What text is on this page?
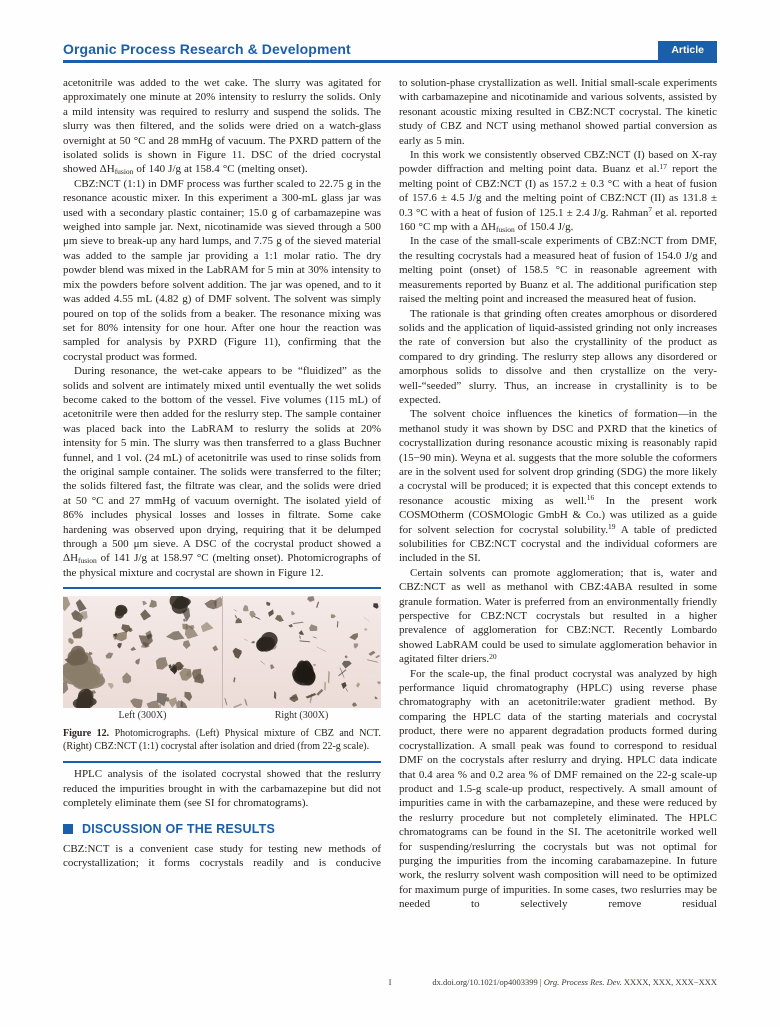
Organic Process Research & Development	Article

acetonitrile was added to the wet cake. The slurry was agitated for approximately one minute at 20% intensity to reslurry the solids. Only a mild intensity was required to reslurry and suspend the solids. The slurry was then filtered, and the solids were dried on a watch-glass overnight at 50 °C and 28 mmHg of vacuum. The PXRD pattern of the isolated solids is shown in Figure 11. DSC of the dried cocrystal showed $\Delta H_{fusion}$ of 140 J/g at 158.4 °C (melting onset).

CBZ:NCT (1:1) in DMF process was further scaled to 22.75 g in the resonance acoustic mixer. In this experiment a 300-mL glass jar was used with a secondary plastic container; 15.0 g of carbamazepine was weighed into sample jar. Next, nicotinamide was sieved through a 500 μm sieve to break-up any hard lumps, and 7.75 g of the sieved material was added to the sample jar providing a 1:1 molar ratio. The dry powder blend was mixed in the LabRAM for 5 min at 30% intensity to mix the powders before solvent addition. The jar was opened, and to it was added 4.55 mL (4.82 g) of DMF solvent. The solvent was simply poured on top of the solids from a beaker. The resonance mixing was set for 80% intensity for one hour. After one hour the reaction was sampled for analysis by PXRD (Figure 11), confirming that the cocrystal product was formed.

During resonance, the wet-cake appears to be “fluidized” as the solids and solvent are intimately mixed until eventually the wet solids become caked to the bottom of the vessel. Five volumes (115 mL) of acetonitrile were then added for the reslurry step. The sample container was placed back into the LabRAM to reslurry the solids at 20% intensity for 5 min. The slurry was then transferred to a glass Buchner funnel, and 1 vol. (24 mL) of acetonitrile was used to rinse solids from the original sample container. The solids were transferred to the filter; the solids filtered fast, the filtrate was clear, and the solids were dried at 50 °C and 27 mmHg of vacuum overnight. The isolated yield of 86% includes physical losses and losses in filtrate. Some cake hardening was observed upon drying, requiring that it be delumped through a 500 μm sieve. A DSC of the cocrystal product showed a $\Delta H_{fusion}$ of 141 J/g at 158.97 °C (melting onset). Photomicrographs of the physical mixture and cocrystal are shown in Figure 12.

Left (300X)	Right (300X)
Figure 12. Photomicrographs. (Left) Physical mixture of CBZ and NCT. (Right) CBZ:NCT (1:1) cocrystal after isolation and dried (from 22-g scale).

HPLC analysis of the isolated cocrystal showed that the reslurry reduced the impurities brought in with the carbamazepine but did not completely eliminate them (see SI for chromatograms).

DISCUSSION OF THE RESULTS

CBZ:NCT is a convenient case study for testing new methods of cocrystallization; it forms cocrystals readily and is conducive

to solution-phase crystallization as well. Initial small-scale experiments with carbamazepine and nicotinamide and various solvents, assisted by resonant acoustic mixing resulted in CBZ:NCT cocrystal. The kinetic study of CBZ and NCT using methanol showed partial conversion as early as 5 min.

In this work we consistently observed CBZ:NCT (I) based on X-ray powder diffraction and melting point data. Buanz et al.$^{17}$ report the melting point of CBZ:NCT (I) as 157.2 ± 0.3 °C with a heat of fusion of 157.6 ± 4.5 J/g and the melting point of CBZ:NCT (II) as 131.8 ± 0.3 °C with a heat of fusion of 125.1 ± 2.4 J/g. Rahman$^7$ et al. reported 160 °C mp with a $\Delta H_{fusion}$ of 150.4 J/g.

In the case of the small-scale experiments of CBZ:NCT from DMF, the resulting cocrystals had a measured heat of fusion of 154.0 J/g and melting point (onset) of 158.5 °C in reasonable agreement with measurements reported by Buanz et al. The additional purification step raised the melting point and increased the measured heat of fusion.

The rationale is that grinding often creates amorphous or disordered solids and the application of liquid-assisted grinding not only increases the rate of conversion but also the crystallinity of the product as compared to dry grinding. The reslurry step allows any disordered or amorphous solids to dissolve and then crystallize on the very-well-“seeded” slurry. Thus, an increase in crystallinity is to be expected.

The solvent choice influences the kinetics of formation—in the methanol study it was shown by DSC and PXRD that the kinetics of cocrystallization during resonance acoustic mixing is reasonably rapid (15−90 min). Weyna et al. suggests that the more soluble the coformers are in the solvent used for solvent drop grinding (SDG) the more likely a cocrystal will be produced; it is expected that this concept extends to resonance acoustic mixing as well.$^{16}$ In the present work COSMOtherm (COSMOlogic GmbH & Co.) was utilized as a guide for solvent selection for cocrystal solubility.$^{19}$ A table of predicted solubilities for CBZ:NCT cocrystal and the individual coformers are included in the SI.

Certain solvents can promote agglomeration; that is, water and CBZ:NCT as well as methanol with CBZ:4ABA resulted in some granule formation. Water is preferred from an environmentally friendly perspective for CBZ:NCT cocrystals but resulted in a higher prevalence of agglomeration for CBZ:NCT. Recently Lombardo showed LabRAM could be used to simulate agglomeration behavior in agitated filter driers.$^{20}$

For the scale-up, the final product cocrystal was analyzed by high performance liquid chromatography (HPLC) using reverse phase chromatography with an acetonitrile:water gradient method. By comparing the HPLC data of the starting materials and cocrystal product, there were no apparent degradation products formed during cocrystallization. A small peak was found to correspond to residual DMF on the cocrystals after reslurry and drying. HPLC data indicate that 0.4 area % and 0.2 area % of DMF remained on the 22-g scale-up product and 1.5-g scale-up product, respectively. A small amount of impurities came in with the carbamazepine, and these were reduced by the reslurry procedure but not completely eliminated. The HPLC chromatograms can be found in the SI. The acetonitrile worked well for suspending/reslurring the cocrystals but was not optimal for purging the impurities from the incoming carabamazepine. In future work, the reslurry solvent wash composition will need to be optimized for maximum purge of impurities. In some cases, two reslurries may be needed to selectively remove residual

I	dx.doi.org/10.1021/op4003399 | Org. Process Res. Dev. XXXX, XXX, XXX−XXX
